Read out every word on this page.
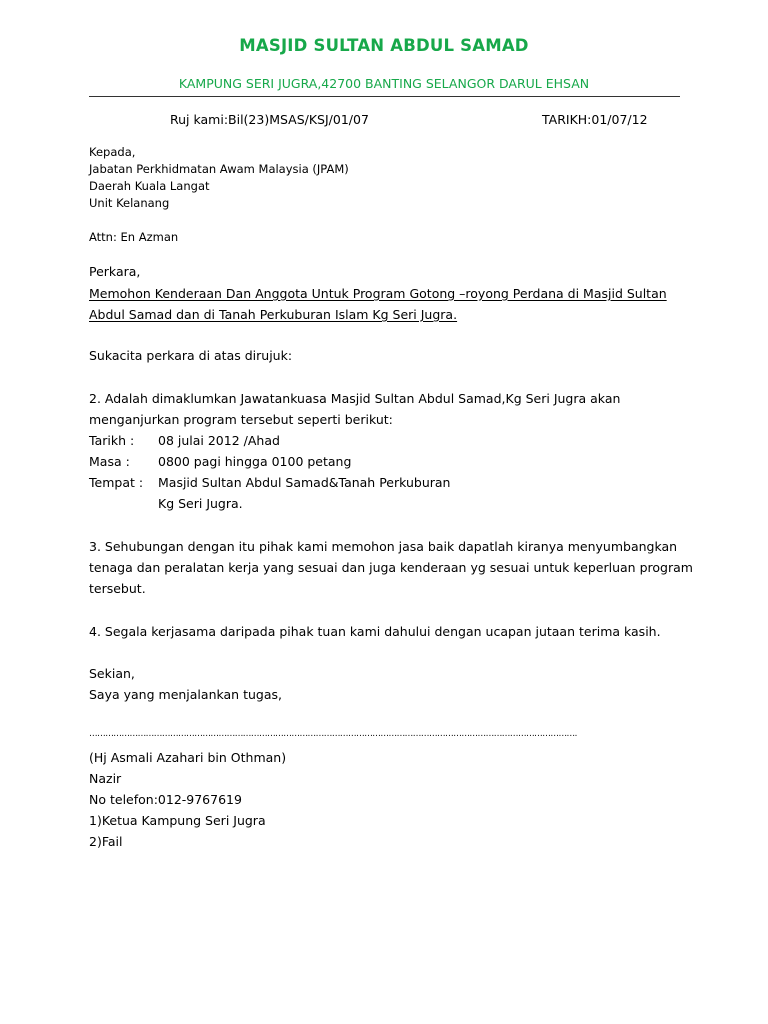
MASJID SULTAN ABDUL SAMAD
KAMPUNG SERI JUGRA,42700 BANTING SELANGOR DARUL EHSAN
Ruj kami:Bil(23)MSAS/KSJ/01/07	TARIKH:01/07/12
Kepada,
Jabatan Perkhidmatan Awam Malaysia (JPAM)
Daerah Kuala Langat
Unit Kelanang
Attn: En Azman
Perkara,
Memohon Kenderaan Dan Anggota Untuk Program Gotong –royong Perdana di Masjid Sultan
Abdul Samad dan di Tanah Perkuburan Islam Kg Seri Jugra.
Sukacita perkara di atas dirujuk:
2. Adalah dimaklumkan Jawatankuasa Masjid Sultan Abdul Samad,Kg Seri Jugra akan
menganjurkan program tersebut seperti berikut:
Tarikh : 08 julai 2012 /Ahad
Masa : 0800 pagi hingga 0100 petang
Tempat : Masjid Sultan Abdul Samad&Tanah Perkuburan
Kg Seri Jugra.
3. Sehubungan dengan itu pihak kami memohon jasa baik dapatlah kiranya menyumbangkan
tenaga dan peralatan kerja yang sesuai dan juga kenderaan yg sesuai untuk keperluan program
tersebut.
4. Segala kerjasama daripada pihak tuan kami dahului dengan ucapan jutaan terima kasih.
Sekian,
Saya yang menjalankan tugas,
……………………………………………………………………………………………………………………………………………………………….
(Hj Asmali Azahari bin Othman)
Nazir
No telefon:012-9767619
1)Ketua Kampung Seri Jugra
2)Fail
